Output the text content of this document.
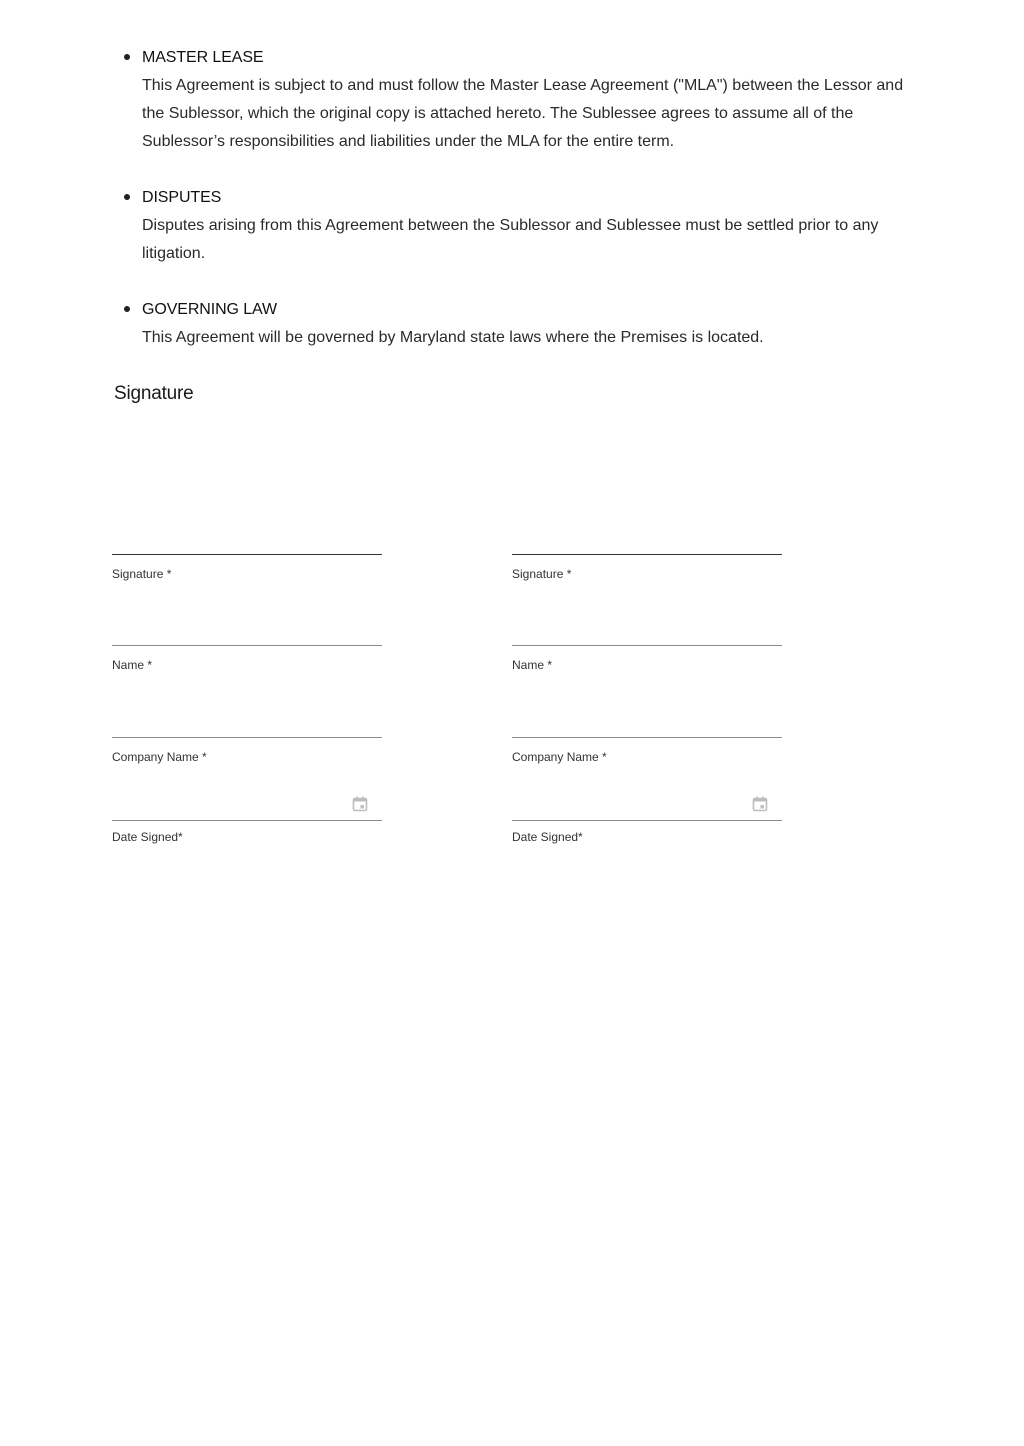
MASTER LEASE
This Agreement is subject to and must follow the Master Lease Agreement ("MLA") between the Lessor and the Sublessor, which the original copy is attached hereto. The Sublessee agrees to assume all of the Sublessor’s responsibilities and liabilities under the MLA for the entire term.
DISPUTES
Disputes arising from this Agreement between the Sublessor and Sublessee must be settled prior to any litigation.
GOVERNING LAW
This Agreement will be governed by Maryland state laws where the Premises is located.
Signature
Signature *
Name *
Company Name *
Date Signed*
Signature *
Name *
Company Name *
Date Signed*
